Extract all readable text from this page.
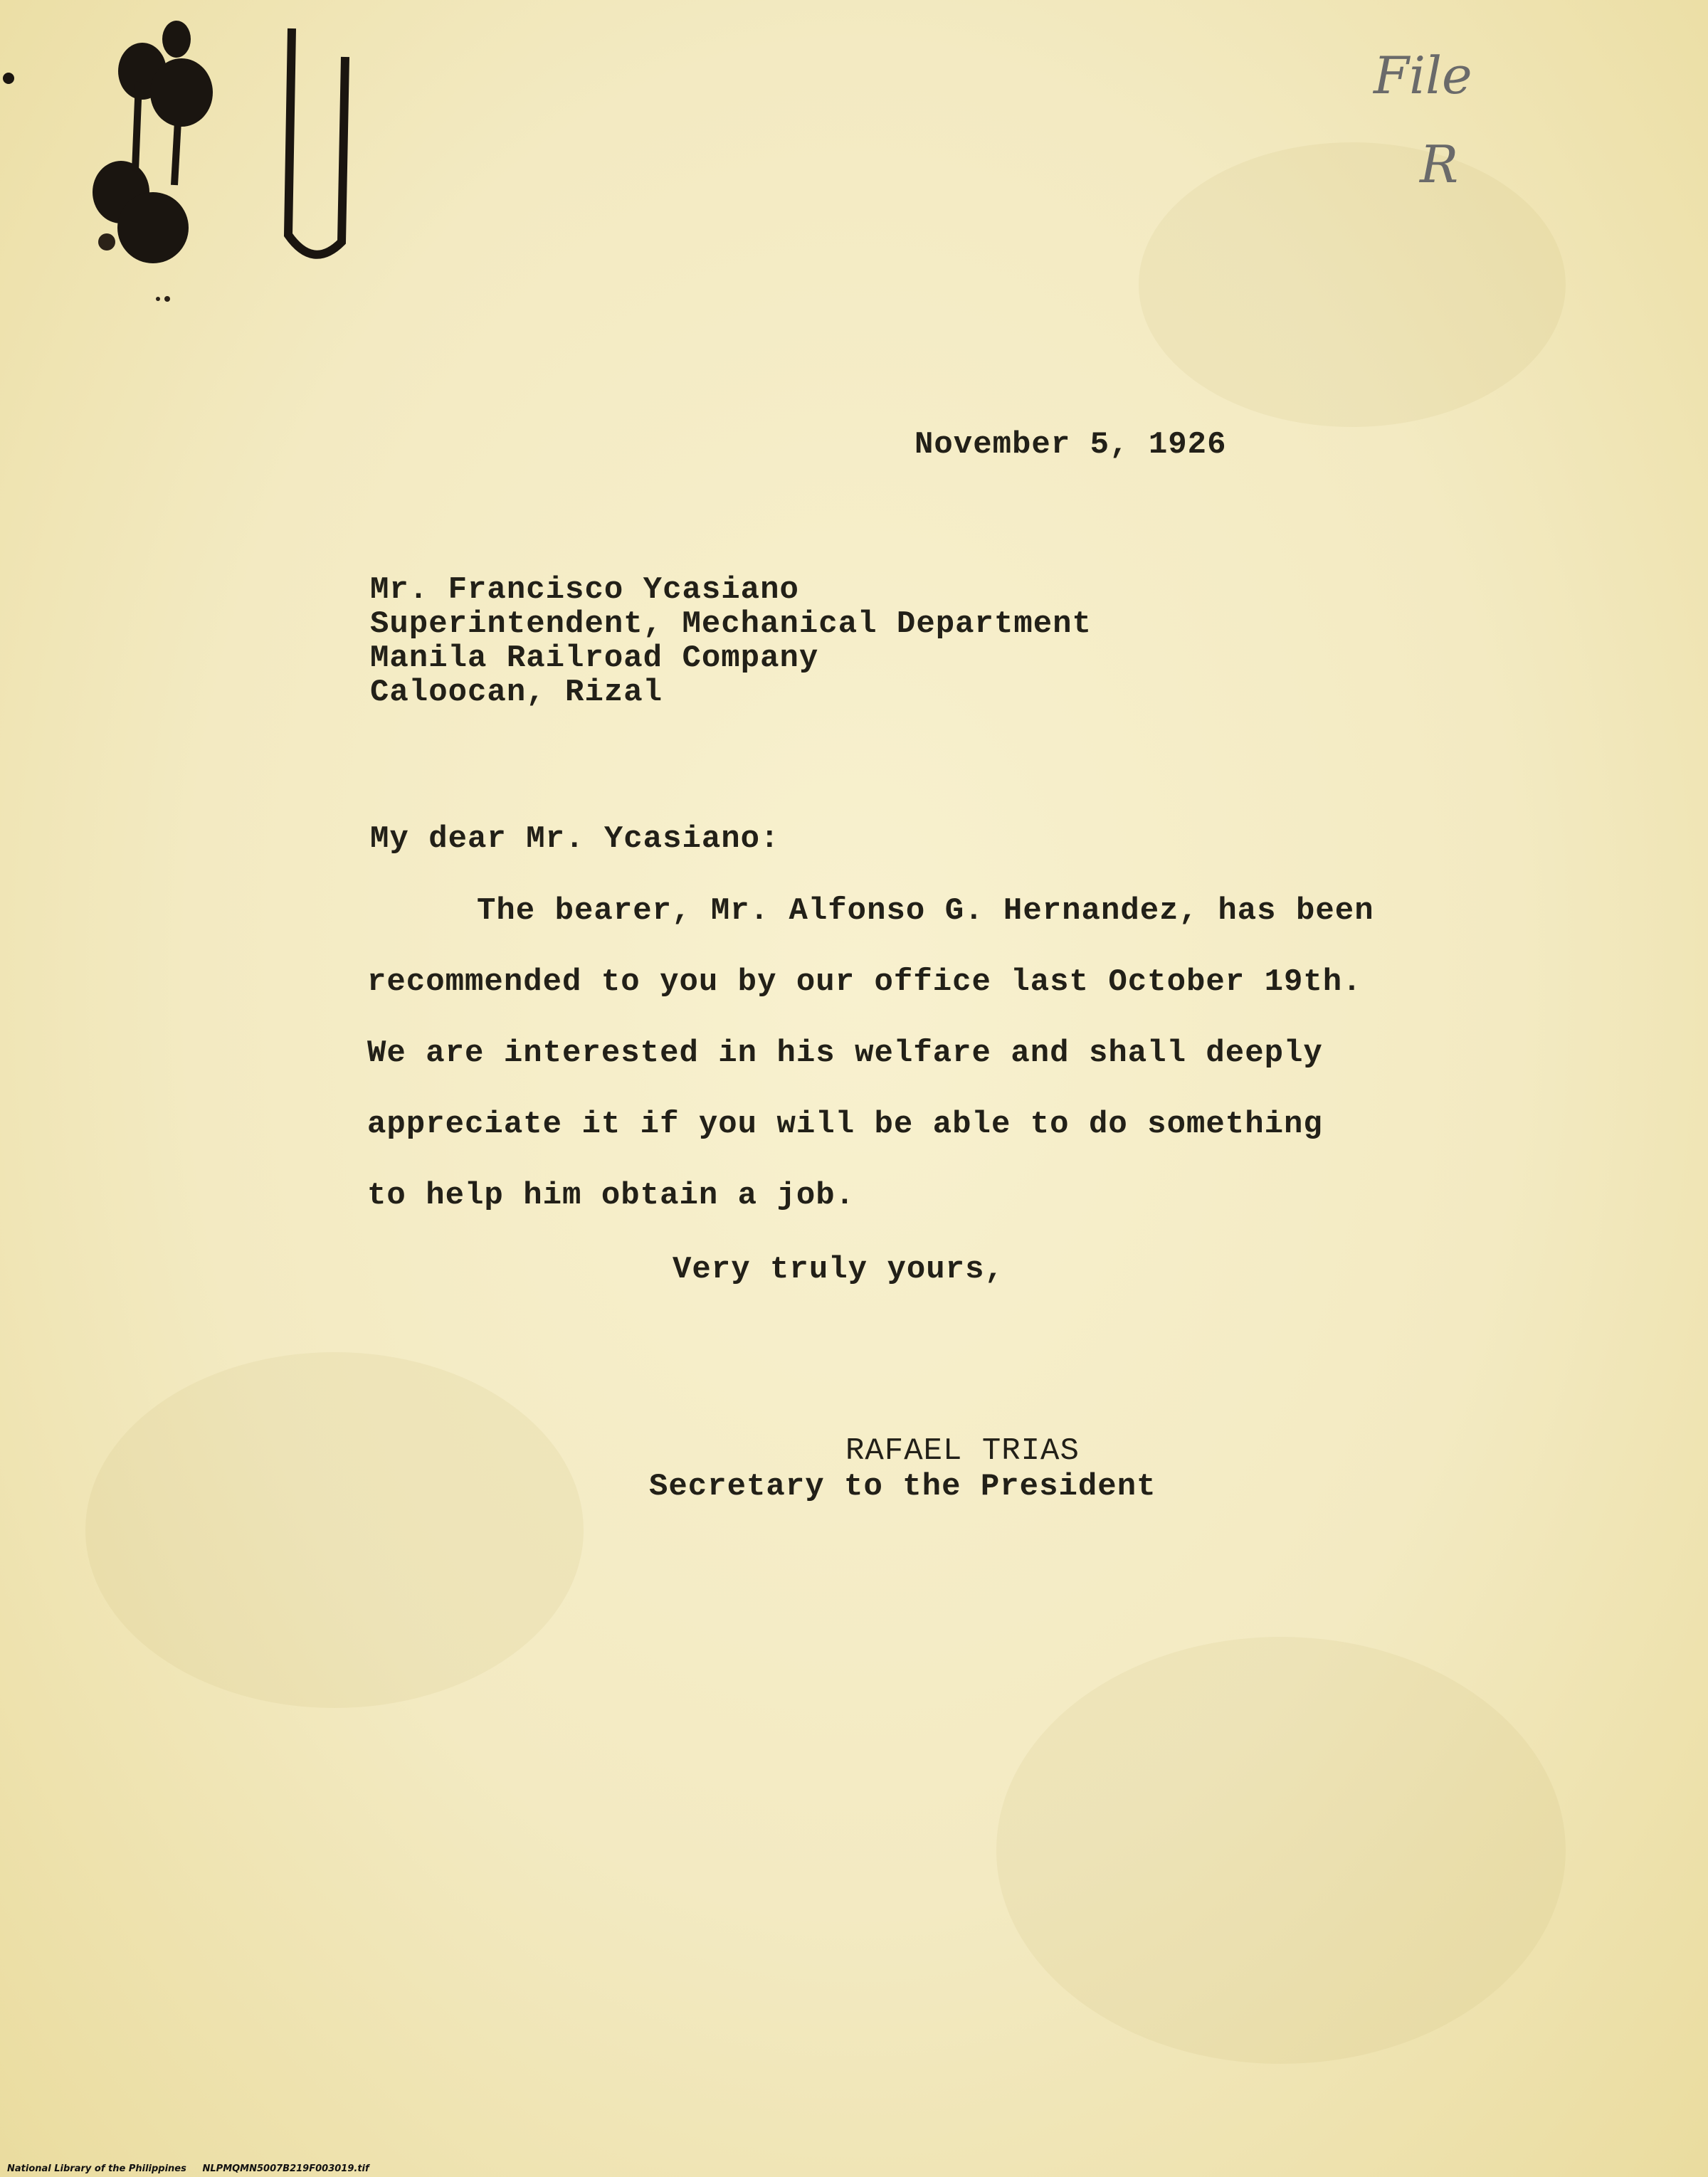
File
R
November 5, 1926
Mr. Francisco Ycasiano
Superintendent, Mechanical Department
Manila Railroad Company
Caloocan, Rizal
My dear Mr. Ycasiano:
The bearer, Mr. Alfonso G. Hernandez, has been
recommended to you by our office last October 19th.
We are interested in his welfare and shall deeply
appreciate it if you will be able to do something
to help him obtain a job.
Very truly yours,
RAFAEL TRIAS
Secretary to the President
National Library of the Philippines NLPMQMN5007B219F003019.tif
